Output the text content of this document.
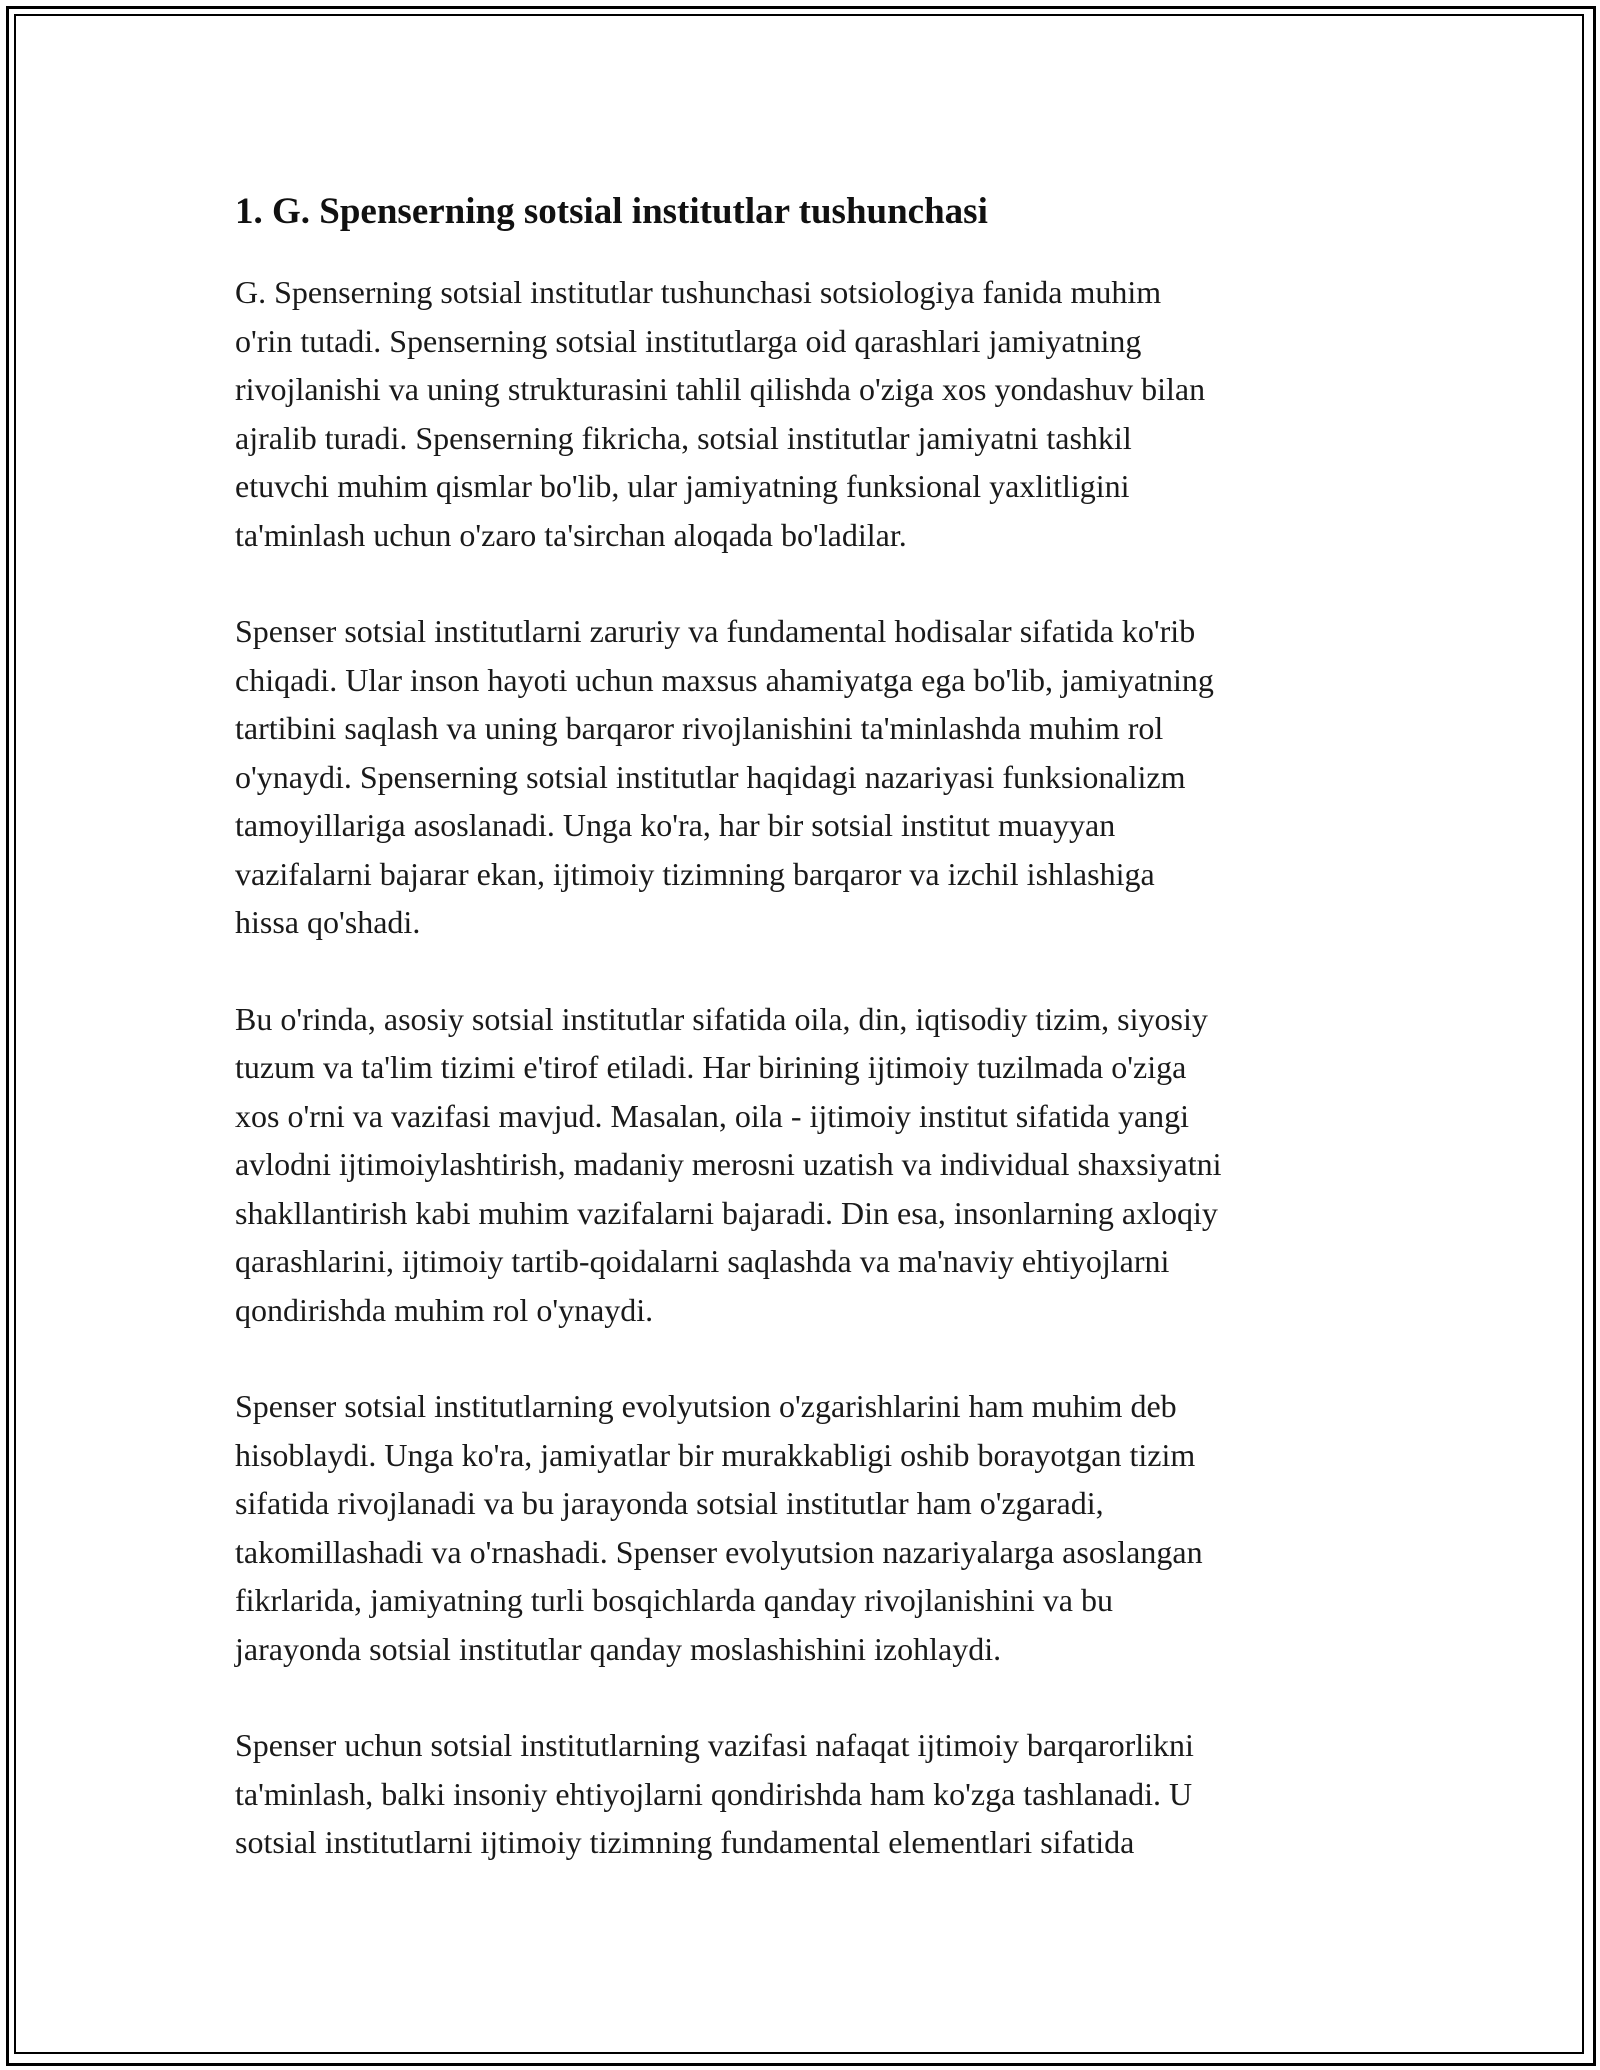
1. G. Spenserning sotsial institutlar tushunchasi

G. Spenserning sotsial institutlar tushunchasi sotsiologiya fanida muhim
o'rin tutadi. Spenserning sotsial institutlarga oid qarashlari jamiyatning
rivojlanishi va uning strukturasini tahlil qilishda o'ziga xos yondashuv bilan
ajralib turadi. Spenserning fikricha, sotsial institutlar jamiyatni tashkil
etuvchi muhim qismlar bo'lib, ular jamiyatning funksional yaxlitligini
ta'minlash uchun o'zaro ta'sirchan aloqada bo'ladilar.

Spenser sotsial institutlarni zaruriy va fundamental hodisalar sifatida ko'rib
chiqadi. Ular inson hayoti uchun maxsus ahamiyatga ega bo'lib, jamiyatning
tartibini saqlash va uning barqaror rivojlanishini ta'minlashda muhim rol
o'ynaydi. Spenserning sotsial institutlar haqidagi nazariyasi funksionalizm
tamoyillariga asoslanadi. Unga ko'ra, har bir sotsial institut muayyan
vazifalarni bajarar ekan, ijtimoiy tizimning barqaror va izchil ishlashiga
hissa qo'shadi.

Bu o'rinda, asosiy sotsial institutlar sifatida oila, din, iqtisodiy tizim, siyosiy
tuzum va ta'lim tizimi e'tirof etiladi. Har birining ijtimoiy tuzilmada o'ziga
xos o'rni va vazifasi mavjud. Masalan, oila - ijtimoiy institut sifatida yangi
avlodni ijtimoiylashtirish, madaniy merosni uzatish va individual shaxsiyatni
shakllantirish kabi muhim vazifalarni bajaradi. Din esa, insonlarning axloqiy
qarashlarini, ijtimoiy tartib-qoidalarni saqlashda va ma'naviy ehtiyojlarni
qondirishda muhim rol o'ynaydi.

Spenser sotsial institutlarning evolyutsion o'zgarishlarini ham muhim deb
hisoblaydi. Unga ko'ra, jamiyatlar bir murakkabligi oshib borayotgan tizim
sifatida rivojlanadi va bu jarayonda sotsial institutlar ham o'zgaradi,
takomillashadi va o'rnashadi. Spenser evolyutsion nazariyalarga asoslangan
fikrlarida, jamiyatning turli bosqichlarda qanday rivojlanishini va bu
jarayonda sotsial institutlar qanday moslashishini izohlaydi.

Spenser uchun sotsial institutlarning vazifasi nafaqat ijtimoiy barqarorlikni
ta'minlash, balki insoniy ehtiyojlarni qondirishda ham ko'zga tashlanadi. U
sotsial institutlarni ijtimoiy tizimning fundamental elementlari sifatida
